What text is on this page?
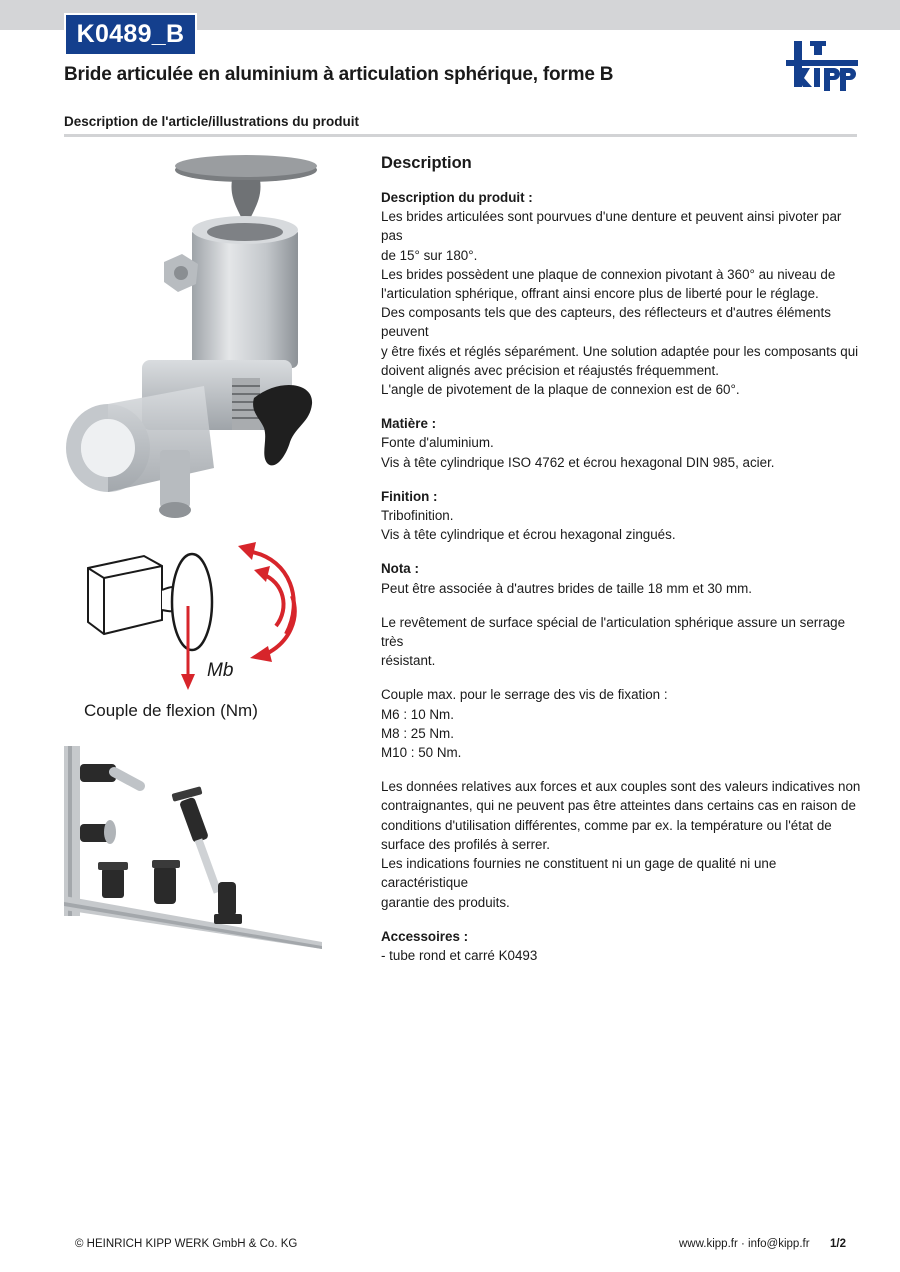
K0489_B
Bride articulée en aluminium à articulation sphérique, forme B
Description de l'article/illustrations du produit
Mb
Couple de flexion (Nm)
Description
Description du produit :
Les brides articulées sont pourvues d'une denture et peuvent ainsi pivoter par pas
de 15° sur 180°.
Les brides possèdent une plaque de connexion pivotant à 360° au niveau de
l'articulation sphérique, offrant ainsi encore plus de liberté pour le réglage.
Des composants tels que des capteurs, des réflecteurs et d'autres éléments peuvent
y être fixés et réglés séparément. Une solution adaptée pour les composants qui
doivent alignés avec précision et réajustés fréquemment.
L'angle de pivotement de la plaque de connexion est de 60°.
Matière :
Fonte d'aluminium.
Vis à tête cylindrique ISO 4762 et écrou hexagonal DIN 985, acier.
Finition :
Tribofinition.
Vis à tête cylindrique et écrou hexagonal zingués.
Nota :
Peut être associée à d'autres brides de taille 18 mm et 30 mm.
Le revêtement de surface spécial de l'articulation sphérique assure un serrage très
résistant.
Couple max. pour le serrage des vis de fixation :
M6 : 10 Nm.
M8 : 25 Nm.
M10 : 50 Nm.
Les données relatives aux forces et aux couples sont des valeurs indicatives non
contraignantes, qui ne peuvent pas être atteintes dans certains cas en raison de
conditions d'utilisation différentes, comme par ex. la température ou l'état de
surface des profilés à serrer.
Les indications fournies ne constituent ni un gage de qualité ni une caractéristique
garantie des produits.
Accessoires :
- tube rond et carré K0493
© HEINRICH KIPP WERK GmbH & Co. KG	www.kipp.fr · info@kipp.fr 1/2
